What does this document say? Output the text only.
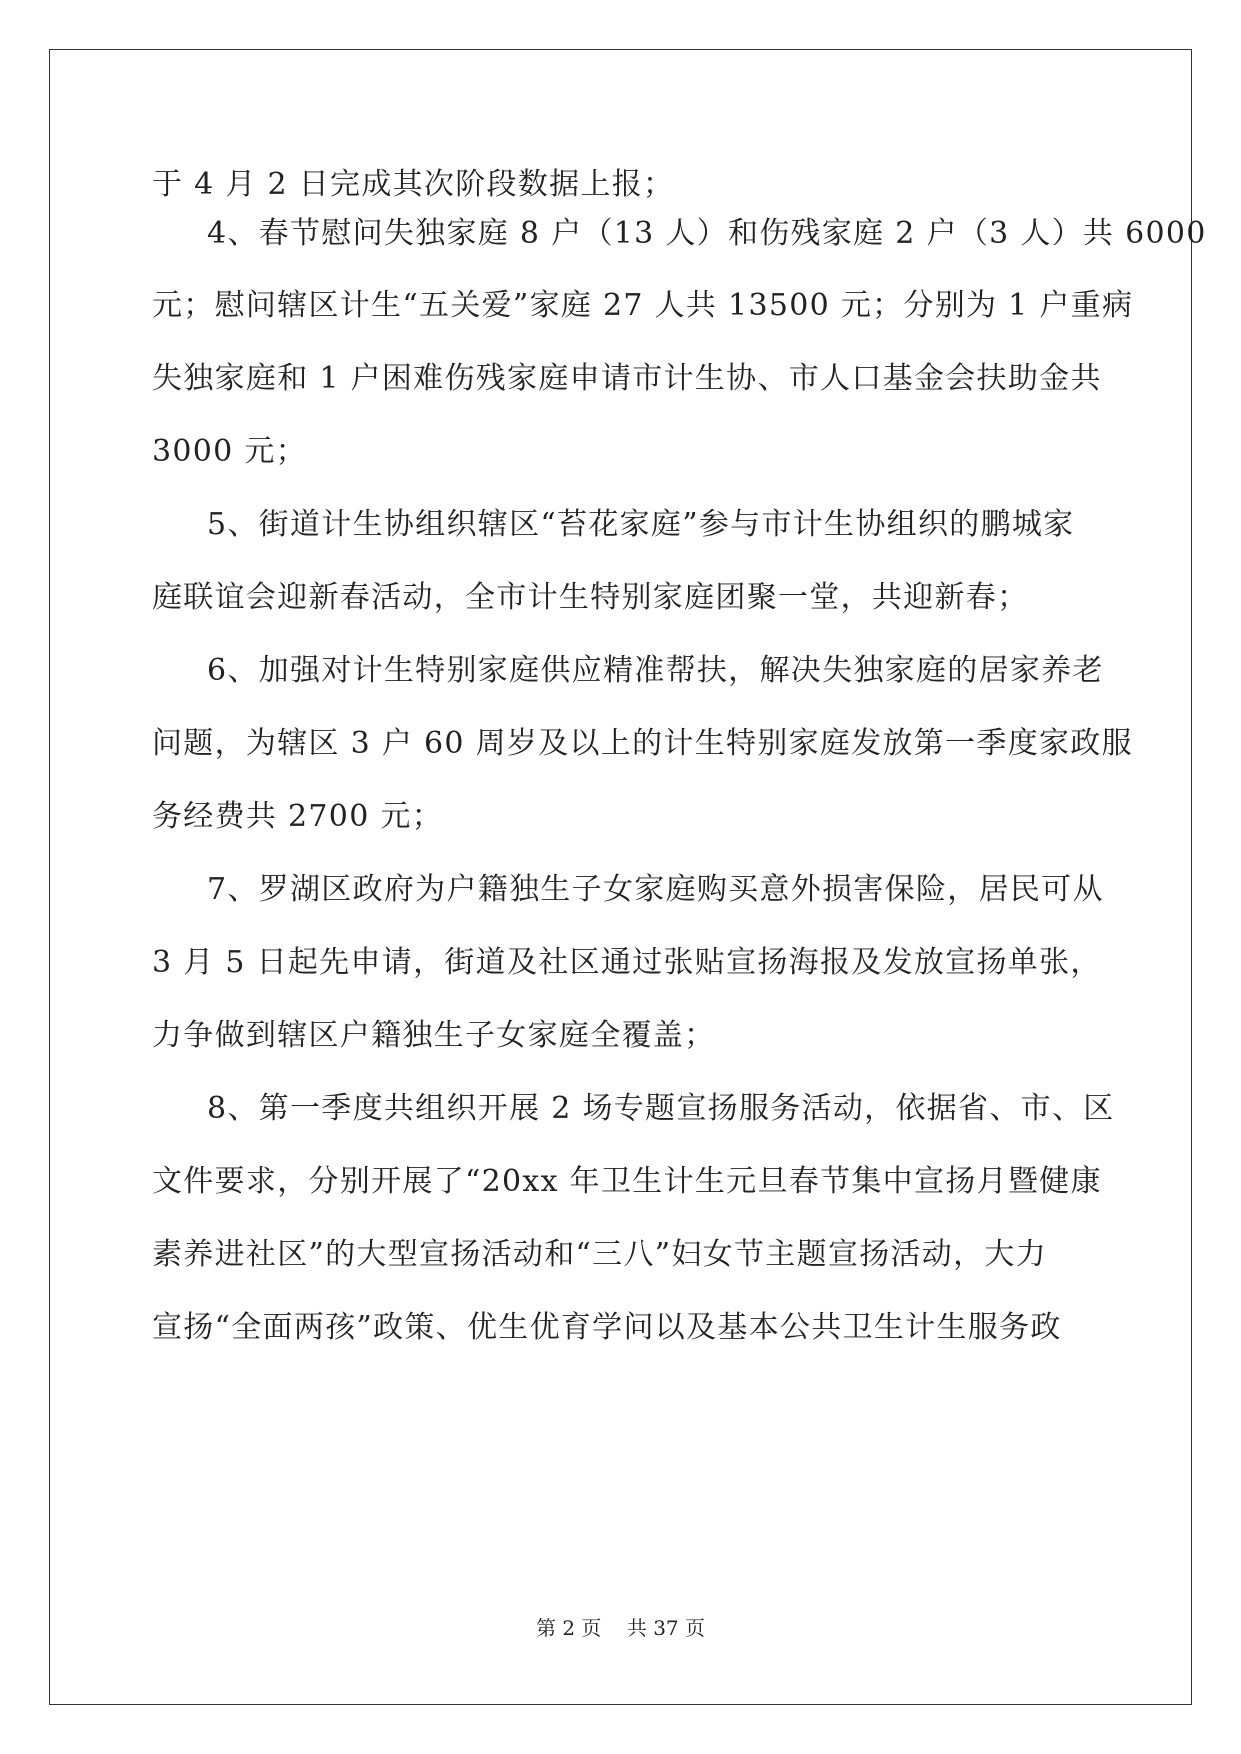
于 4 月 2 日完成其次阶段数据上报；
4、春节慰问失独家庭 8 户（13 人）和伤残家庭 2 户（3 人）共 6000
元；慰问辖区计生“五关爱”家庭 27 人共 13500 元；分别为 1 户重病
失独家庭和 1 户困难伤残家庭申请市计生协、市人口基金会扶助金共
3000 元；
5、街道计生协组织辖区“苔花家庭”参与市计生协组织的鹏城家
庭联谊会迎新春活动，全市计生特别家庭团聚一堂，共迎新春；
6、加强对计生特别家庭供应精准帮扶，解决失独家庭的居家养老
问题，为辖区 3 户 60 周岁及以上的计生特别家庭发放第一季度家政服
务经费共 2700 元；
7、罗湖区政府为户籍独生子女家庭购买意外损害保险，居民可从
3 月 5 日起先申请，街道及社区通过张贴宣扬海报及发放宣扬单张，
力争做到辖区户籍独生子女家庭全覆盖；
8、第一季度共组织开展 2 场专题宣扬服务活动，依据省、市、区
文件要求，分别开展了“20xx 年卫生计生元旦春节集中宣扬月暨健康
素养进社区”的大型宣扬活动和“三八”妇女节主题宣扬活动，大力
宣扬“全面两孩”政策、优生优育学问以及基本公共卫生计生服务政
第 2 页    共 37 页
